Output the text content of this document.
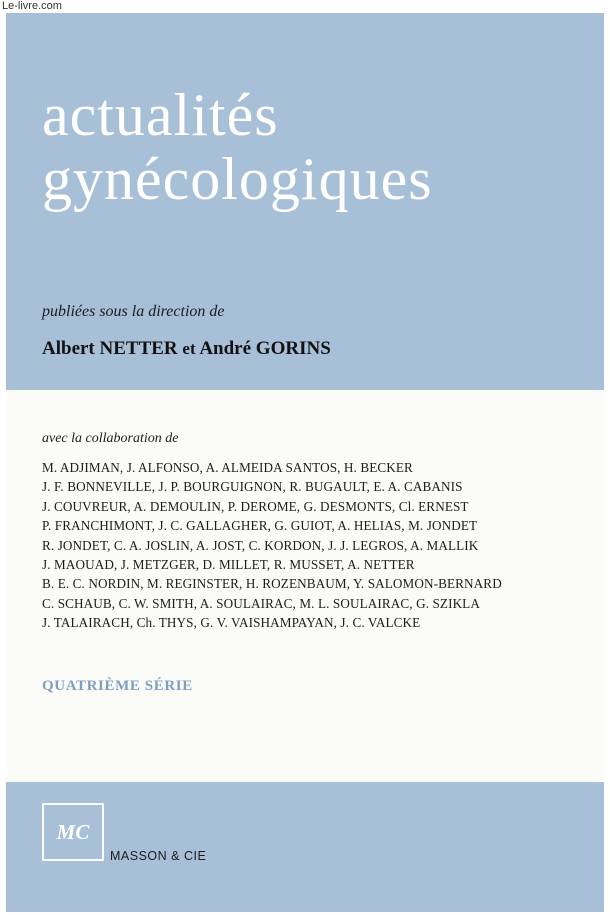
Le-livre.com
actualités
gynécologiques
publiées sous la direction de
Albert NETTER et André GORINS
avec la collaboration de
M. ADJIMAN, J. ALFONSO, A. ALMEIDA SANTOS, H. BECKER
J. F. BONNEVILLE, J. P. BOURGUIGNON, R. BUGAULT, E. A. CABANIS
J. COUVREUR, A. DEMOULIN, P. DEROME, G. DESMONTS, Cl. ERNEST
P. FRANCHIMONT, J. C. GALLAGHER, G. GUIOT, A. HELIAS, M. JONDET
R. JONDET, C. A. JOSLIN, A. JOST, C. KORDON, J. J. LEGROS, A. MALLIK
J. MAOUAD, J. METZGER, D. MILLET, R. MUSSET, A. NETTER
B. E. C. NORDIN, M. REGINSTER, H. ROZENBAUM, Y. SALOMON-BERNARD
C. SCHAUB, C. W. SMITH, A. SOULAIRAC, M. L. SOULAIRAC, G. SZIKLA
J. TALAIRACH, Ch. THYS, G. V. VAISHAMPAYAN, J. C. VALCKE
QUATRIÈME SÉRIE
MC
MASSON & CIE
